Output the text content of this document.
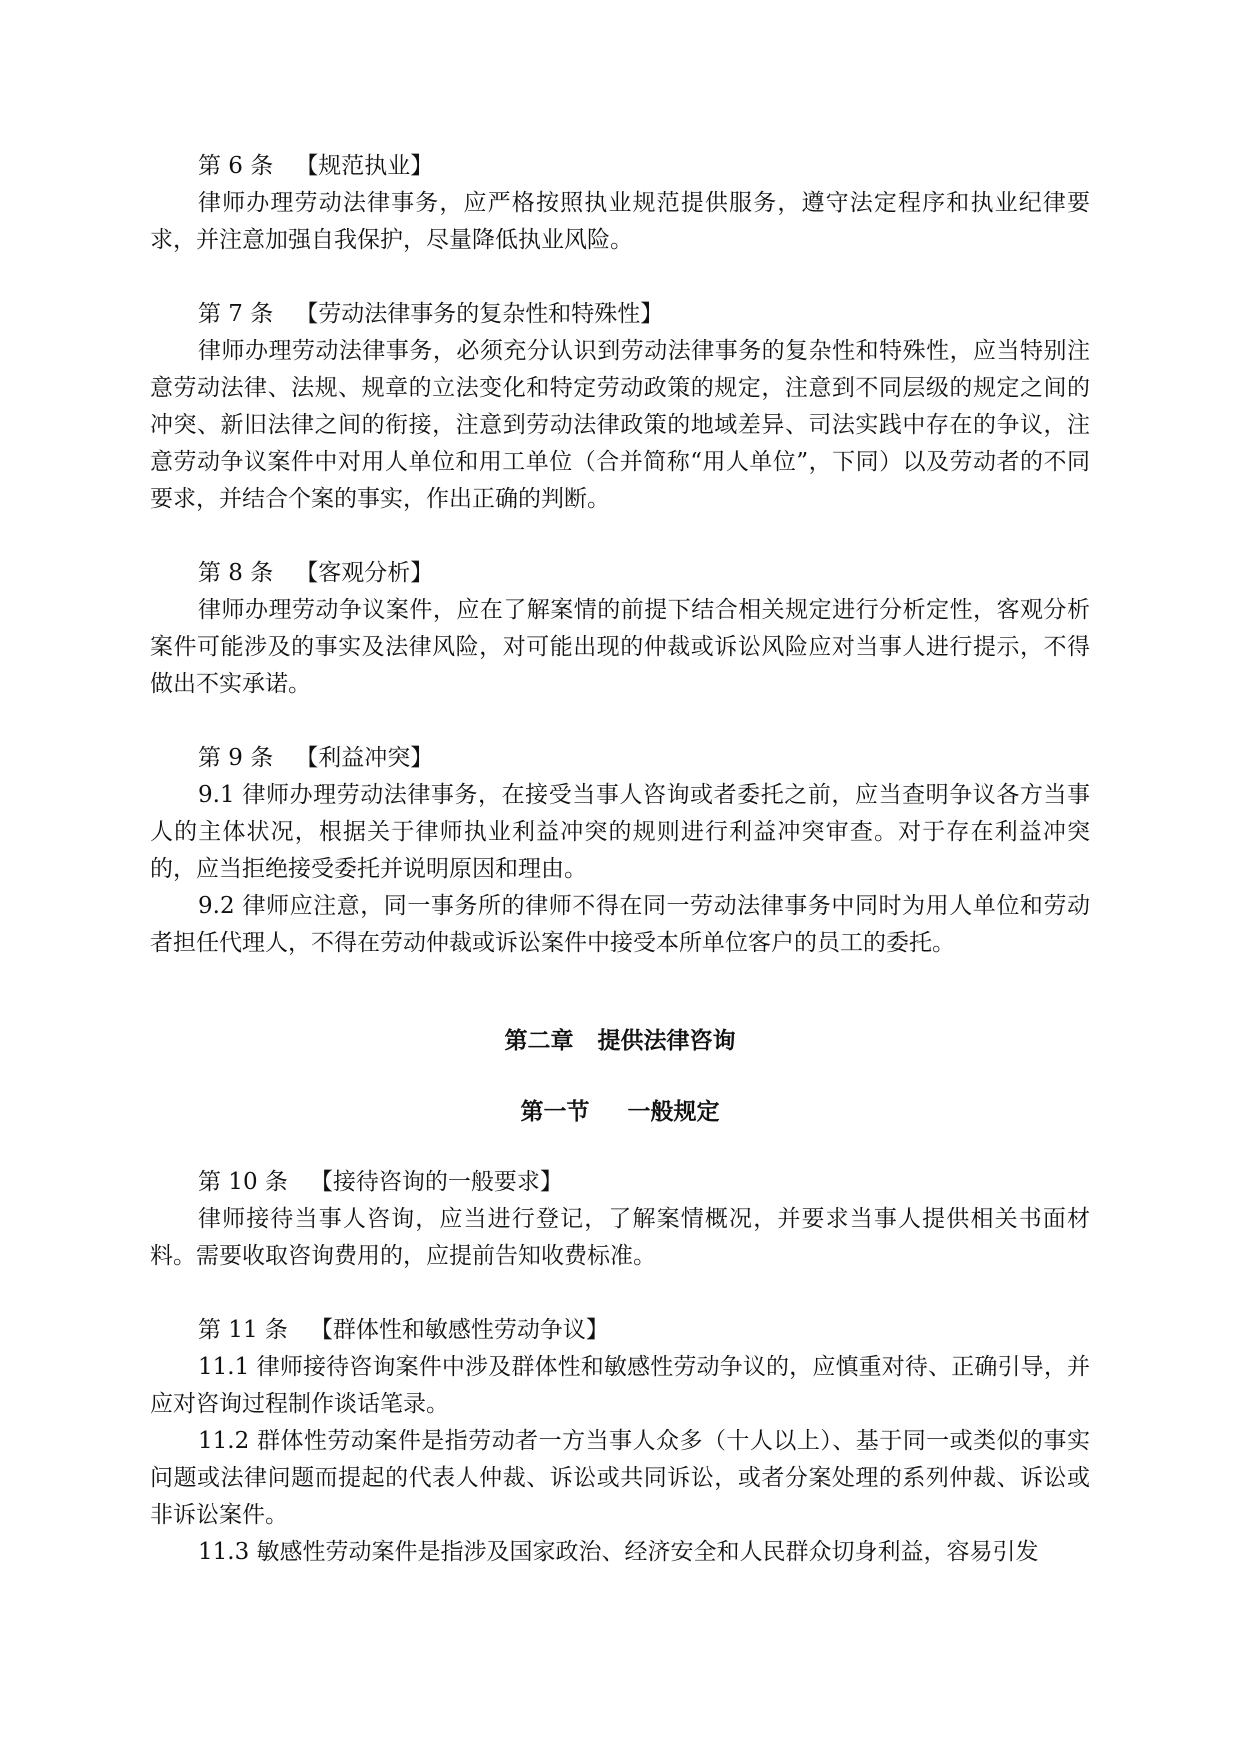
第 6 条 【规范执业】

律师办理劳动法律事务，应严格按照执业规范提供服务，遵守法定程序和执业纪律要求，并注意加强自我保护，尽量降低执业风险。

第 7 条 【劳动法律事务的复杂性和特殊性】

律师办理劳动法律事务，必须充分认识到劳动法律事务的复杂性和特殊性，应当特别注意劳动法律、法规、规章的立法变化和特定劳动政策的规定，注意到不同层级的规定之间的冲突、新旧法律之间的衔接，注意到劳动法律政策的地域差异、司法实践中存在的争议，注意劳动争议案件中对用人单位和用工单位（合并简称“用人单位”，下同）以及劳动者的不同要求，并结合个案的事实，作出正确的判断。

第 8 条 【客观分析】

律师办理劳动争议案件，应在了解案情的前提下结合相关规定进行分析定性，客观分析案件可能涉及的事实及法律风险，对可能出现的仲裁或诉讼风险应对当事人进行提示，不得做出不实承诺。

第 9 条 【利益冲突】

9.1 律师办理劳动法律事务，在接受当事人咨询或者委托之前，应当查明争议各方当事人的主体状况，根据关于律师执业利益冲突的规则进行利益冲突审查。对于存在利益冲突的，应当拒绝接受委托并说明原因和理由。

9.2 律师应注意，同一事务所的律师不得在同一劳动法律事务中同时为用人单位和劳动者担任代理人，不得在劳动仲裁或诉讼案件中接受本所单位客户的员工的委托。

第二章 提供法律咨询
第一节 一般规定

第 10 条 【接待咨询的一般要求】

律师接待当事人咨询，应当进行登记，了解案情概况，并要求当事人提供相关书面材料。需要收取咨询费用的，应提前告知收费标准。

第 11 条 【群体性和敏感性劳动争议】

11.1 律师接待咨询案件中涉及群体性和敏感性劳动争议的，应慎重对待、正确引导，并应对咨询过程制作谈话笔录。

11.2 群体性劳动案件是指劳动者一方当事人众多（十人以上）、基于同一或类似的事实问题或法律问题而提起的代表人仲裁、诉讼或共同诉讼，或者分案处理的系列仲裁、诉讼或非诉讼案件。

11.3 敏感性劳动案件是指涉及国家政治、经济安全和人民群众切身利益，容易引发
